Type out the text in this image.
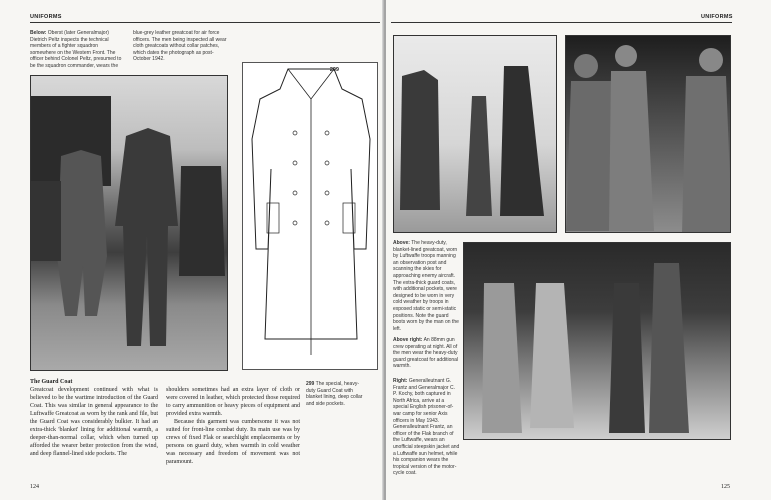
UNIFORMS
Below: Oberst (later Generalmajor) Dietrich Peltz inspects the technical members of a fighter squadron somewhere on the Western Front. The officer behind Colonel Peltz, presumed to be the squadron commander, wears the blue-grey leather greatcoat for air force officers. The men being inspected all wear cloth greatcoats without collar patches, which dates the photograph as post-October 1942.
299
The Guard Coat

Greatcoat development continued with what is believed to be the wartime introduction of the Guard Coat. This was similar in general appearance to the Luftwaffe Greatcoat as worn by the rank and file, but the Guard Coat was considerably bulkier. It had an extra-thick 'blanket' lining for additional warmth, a deeper-than-normal collar, which when turned up afforded the wearer better protection from the wind, and deep flannel-lined side pockets. The

shoulders sometimes had an extra layer of cloth or were covered in leather, which protected those required to carry ammunition or heavy pieces of equipment and provided extra warmth.

Because this garment was cumbersome it was not suited for front-line combat duty. Its main use was by crews of fixed Flak or searchlight emplacements or by persons on guard duty, when warmth in cold weather was necessary and freedom of movement was not paramount.

299 The special, heavy-duty Guard Coat with blanket lining, deep collar and side pockets.
124
UNIFORMS
Above: The heavy-duty, blanket-lined greatcoat, worn by Luftwaffe troops manning an observation post and scanning the skies for approaching enemy aircraft. The extra-thick guard coats, with additional pockets, were designed to be worn in very cold weather by troops in exposed static or semi-static positions. Note the guard boots worn by the man on the left.
Above right: An 88mm gun crew operating at night. All of the men wear the heavy-duty guard greatcoat for additional warmth.
Right: Generalleutnant G. Frantz and Generalmajor C. P. Kochy, both captured in North Africa, arrive at a special English prisoner-of-war camp for senior Axis officers in May 1943. Generalleutnant Frantz, an officer of the Flak branch of the Luftwaffe, wears an unofficial steepskin jacket and a Luftwaffe sun helmet, while his companion wears the tropical version of the motor-cycle coat.
125
